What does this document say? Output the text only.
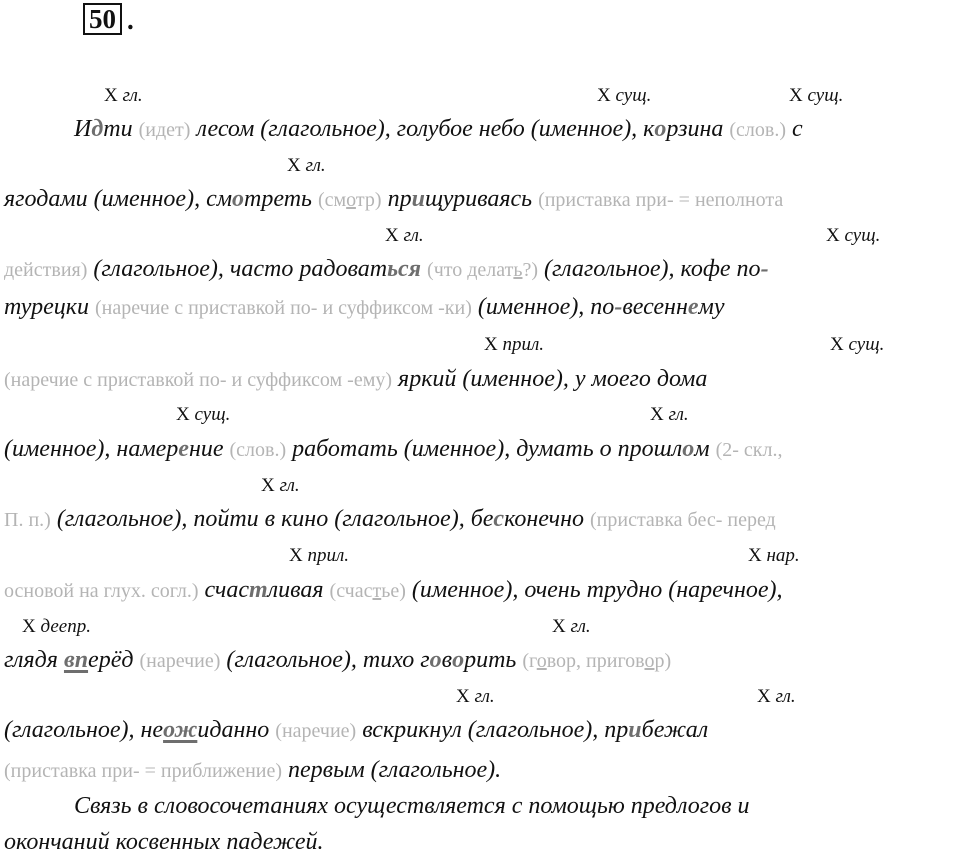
50 .
X гл.	X сущ.	X сущ.
X гл.
X гл.	X сущ.
X прил.	X сущ.
X сущ.	X гл.
X гл.
X прил.	X нар.
X деепр.	X гл.
X гл.	X гл.
Идти (идет) лесом (глагольное), голубое небо (именное), корзина (слов.) с
ягодами (именное), смотреть (смотр) прищуриваясь (приставка при- = неполнота
действия) (глагольное), часто радоваться (что делать?) (глагольное), кофе по-
турецки (наречие с приставкой по- и суффиксом -ки) (именное), по-весеннему
(наречие с приставкой по- и суффиксом -ему) яркий (именное), у моего дома
(именное), намерение (слов.) работать (именное), думать о прошлом (2- скл.,
П. п.) (глагольное), пойти в кино (глагольное), бесконечно (приставка бес- перед
основой на глух. согл.) счастливая (счастье) (именное), очень трудно (наречное),
глядя вперёд (наречие) (глагольное), тихо говорить (говор, приговор)
(глагольное), неожиданно (наречие) вскрикнул (глагольное), прибежал
(приставка при- = приближение) первым (глагольное).
Связь в словосочетаниях осуществляется с помощью предлогов и
окончаний косвенных падежей.
